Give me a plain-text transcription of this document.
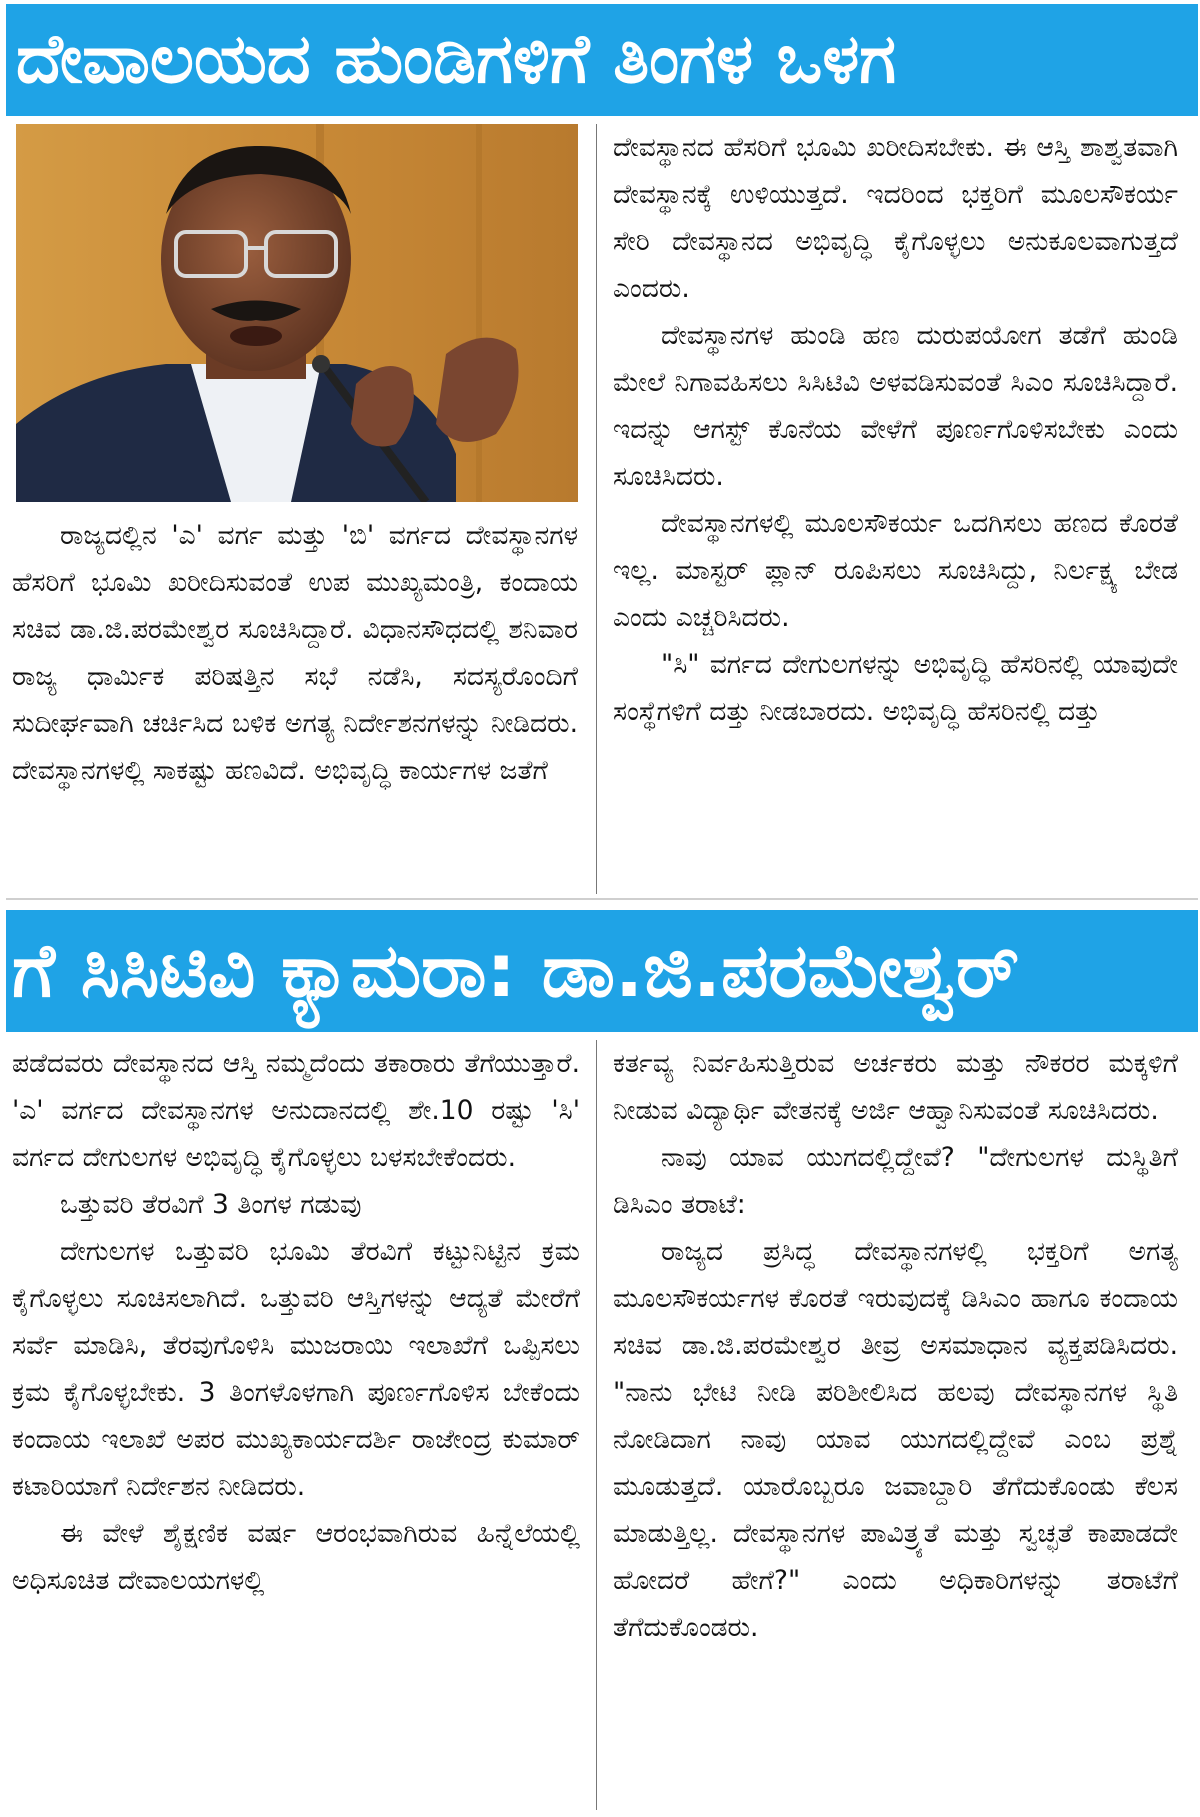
ದೇವಾಲಯದ ಹುಂಡಿಗಳಿಗೆ ತಿಂಗಳ ಒಳಗ

ರಾಜ್ಯದಲ್ಲಿನ 'ಎ' ವರ್ಗ ಮತ್ತು 'ಬಿ' ವರ್ಗದ ದೇವಸ್ಥಾನಗಳ ಹೆಸರಿಗೆ ಭೂಮಿ ಖರೀದಿಸುವಂತೆ ಉಪ ಮುಖ್ಯಮಂತ್ರಿ, ಕಂದಾಯ ಸಚಿವ ಡಾ.ಜಿ.ಪರಮೇಶ್ವರ ಸೂಚಿಸಿದ್ದಾರೆ. ವಿಧಾನಸೌಧದಲ್ಲಿ ಶನಿವಾರ ರಾಜ್ಯ ಧಾರ್ಮಿಕ ಪರಿಷತ್ತಿನ ಸಭೆ ನಡೆಸಿ, ಸದಸ್ಯರೊಂದಿಗೆ ಸುದೀರ್ಘವಾಗಿ ಚರ್ಚಿಸಿದ ಬಳಿಕ ಅಗತ್ಯ ನಿರ್ದೇಶನಗಳನ್ನು ನೀಡಿದರು. ದೇವಸ್ಥಾನಗಳಲ್ಲಿ ಸಾಕಷ್ಟು ಹಣವಿದೆ. ಅಭಿವೃದ್ಧಿ ಕಾರ್ಯಗಳ ಜತೆಗೆ

ದೇವಸ್ಥಾನದ ಹೆಸರಿಗೆ ಭೂಮಿ ಖರೀದಿಸಬೇಕು. ಈ ಆಸ್ತಿ ಶಾಶ್ವತವಾಗಿ ದೇವಸ್ಥಾನಕ್ಕೆ ಉಳಿಯುತ್ತದೆ. ಇದರಿಂದ ಭಕ್ತರಿಗೆ ಮೂಲಸೌಕರ್ಯ ಸೇರಿ ದೇವಸ್ಥಾನದ ಅಭಿವೃದ್ಧಿ ಕೈಗೊಳ್ಳಲು ಅನುಕೂಲವಾಗುತ್ತದೆ ಎಂದರು.

ದೇವಸ್ಥಾನಗಳ ಹುಂಡಿ ಹಣ ದುರುಪಯೋಗ ತಡೆಗೆ ಹುಂಡಿ ಮೇಲೆ ನಿಗಾವಹಿಸಲು ಸಿಸಿಟಿವಿ ಅಳವಡಿಸುವಂತೆ ಸಿಎಂ ಸೂಚಿಸಿದ್ದಾರೆ. ಇದನ್ನು ಆಗಸ್ಟ್ ಕೊನೆಯ ವೇಳೆಗೆ ಪೂರ್ಣಗೊಳಿಸಬೇಕು ಎಂದು ಸೂಚಿಸಿದರು.

ದೇವಸ್ಥಾನಗಳಲ್ಲಿ ಮೂಲಸೌಕರ್ಯ ಒದಗಿಸಲು ಹಣದ ಕೊರತೆ ಇಲ್ಲ. ಮಾಸ್ಟರ್ ಪ್ಲಾನ್ ರೂಪಿಸಲು ಸೂಚಿಸಿದ್ದು, ನಿರ್ಲಕ್ಷ್ಯ ಬೇಡ ಎಂದು ಎಚ್ಚರಿಸಿದರು.

"ಸಿ" ವರ್ಗದ ದೇಗುಲಗಳನ್ನು ಅಭಿವೃದ್ಧಿ ಹೆಸರಿನಲ್ಲಿ ಯಾವುದೇ ಸಂಸ್ಥೆಗಳಿಗೆ ದತ್ತು ನೀಡಬಾರದು. ಅಭಿವೃದ್ಧಿ ಹೆಸರಿನಲ್ಲಿ ದತ್ತು

ಗೆ ಸಿಸಿಟಿವಿ ಕ್ಯಾಮರಾ: ಡಾ.ಜಿ.ಪರಮೇಶ್ವರ್

ಪಡೆದವರು ದೇವಸ್ಥಾನದ ಆಸ್ತಿ ನಮ್ಮದೆಂದು ತಕಾರಾರು ತೆಗೆಯುತ್ತಾರೆ. 'ಎ' ವರ್ಗದ ದೇವಸ್ಥಾನಗಳ ಅನುದಾನದಲ್ಲಿ ಶೇ.10 ರಷ್ಟು 'ಸಿ' ವರ್ಗದ ದೇಗುಲಗಳ ಅಭಿವೃದ್ಧಿ ಕೈಗೊಳ್ಳಲು ಬಳಸಬೇಕೆಂದರು.

ಒತ್ತುವರಿ ತೆರವಿಗೆ 3 ತಿಂಗಳ ಗಡುವು

ದೇಗುಲಗಳ ಒತ್ತುವರಿ ಭೂಮಿ ತೆರವಿಗೆ ಕಟ್ಟುನಿಟ್ಟಿನ ಕ್ರಮ ಕೈಗೊಳ್ಳಲು ಸೂಚಿಸಲಾಗಿದೆ. ಒತ್ತುವರಿ ಆಸ್ತಿಗಳನ್ನು ಆದ್ಯತೆ ಮೇರೆಗೆ ಸರ್ವೆ ಮಾಡಿಸಿ, ತೆರವುಗೊಳಿಸಿ ಮುಜರಾಯಿ ಇಲಾಖೆಗೆ ಒಪ್ಪಿಸಲು ಕ್ರಮ ಕೈಗೊಳ್ಳಬೇಕು. 3 ತಿಂಗಳೊಳಗಾಗಿ ಪೂರ್ಣಗೊಳಿಸ ಬೇಕೆಂದು ಕಂದಾಯ ಇಲಾಖೆ ಅಪರ ಮುಖ್ಯಕಾರ್ಯದರ್ಶಿ ರಾಜೇಂದ್ರ ಕುಮಾರ್ ಕಟಾರಿಯಾಗೆ ನಿರ್ದೇಶನ ನೀಡಿದರು.

ಈ ವೇಳೆ ಶೈಕ್ಷಣಿಕ ವರ್ಷ ಆರಂಭವಾಗಿರುವ ಹಿನ್ನೆಲೆಯಲ್ಲಿ ಅಧಿಸೂಚಿತ ದೇವಾಲಯಗಳಲ್ಲಿ

ಕರ್ತವ್ಯ ನಿರ್ವಹಿಸುತ್ತಿರುವ ಅರ್ಚಕರು ಮತ್ತು ನೌಕರರ ಮಕ್ಕಳಿಗೆ ನೀಡುವ ವಿದ್ಯಾರ್ಥಿ ವೇತನಕ್ಕೆ ಅರ್ಜಿ ಆಹ್ವಾನಿಸುವಂತೆ ಸೂಚಿಸಿದರು.

ನಾವು ಯಾವ ಯುಗದಲ್ಲಿದ್ದೇವೆ? "ದೇಗುಲಗಳ ದುಸ್ಥಿತಿಗೆ ಡಿಸಿಎಂ ತರಾಟೆ:

ರಾಜ್ಯದ ಪ್ರಸಿದ್ಧ ದೇವಸ್ಥಾನಗಳಲ್ಲಿ ಭಕ್ತರಿಗೆ ಅಗತ್ಯ ಮೂಲಸೌಕರ್ಯಗಳ ಕೊರತೆ ಇರುವುದಕ್ಕೆ ಡಿಸಿಎಂ ಹಾಗೂ ಕಂದಾಯ ಸಚಿವ ಡಾ.ಜಿ.ಪರಮೇಶ್ವರ ತೀವ್ರ ಅಸಮಾಧಾನ ವ್ಯಕ್ತಪಡಿಸಿದರು. "ನಾನು ಭೇಟಿ ನೀಡಿ ಪರಿಶೀಲಿಸಿದ ಹಲವು ದೇವಸ್ಥಾನಗಳ ಸ್ಥಿತಿ ನೋಡಿದಾಗ ನಾವು ಯಾವ ಯುಗದಲ್ಲಿದ್ದೇವೆ ಎಂಬ ಪ್ರಶ್ನೆ ಮೂಡುತ್ತದೆ. ಯಾರೊಬ್ಬರೂ ಜವಾಬ್ದಾರಿ ತೆಗೆದುಕೊಂಡು ಕೆಲಸ ಮಾಡುತ್ತಿಲ್ಲ. ದೇವಸ್ಥಾನಗಳ ಪಾವಿತ್ರ್ಯತೆ ಮತ್ತು ಸ್ವಚ್ಛತೆ ಕಾಪಾಡದೇ ಹೋದರೆ ಹೇಗೆ?" ಎಂದು ಅಧಿಕಾರಿಗಳನ್ನು ತರಾಟೆಗೆ ತೆಗೆದುಕೊಂಡರು.
